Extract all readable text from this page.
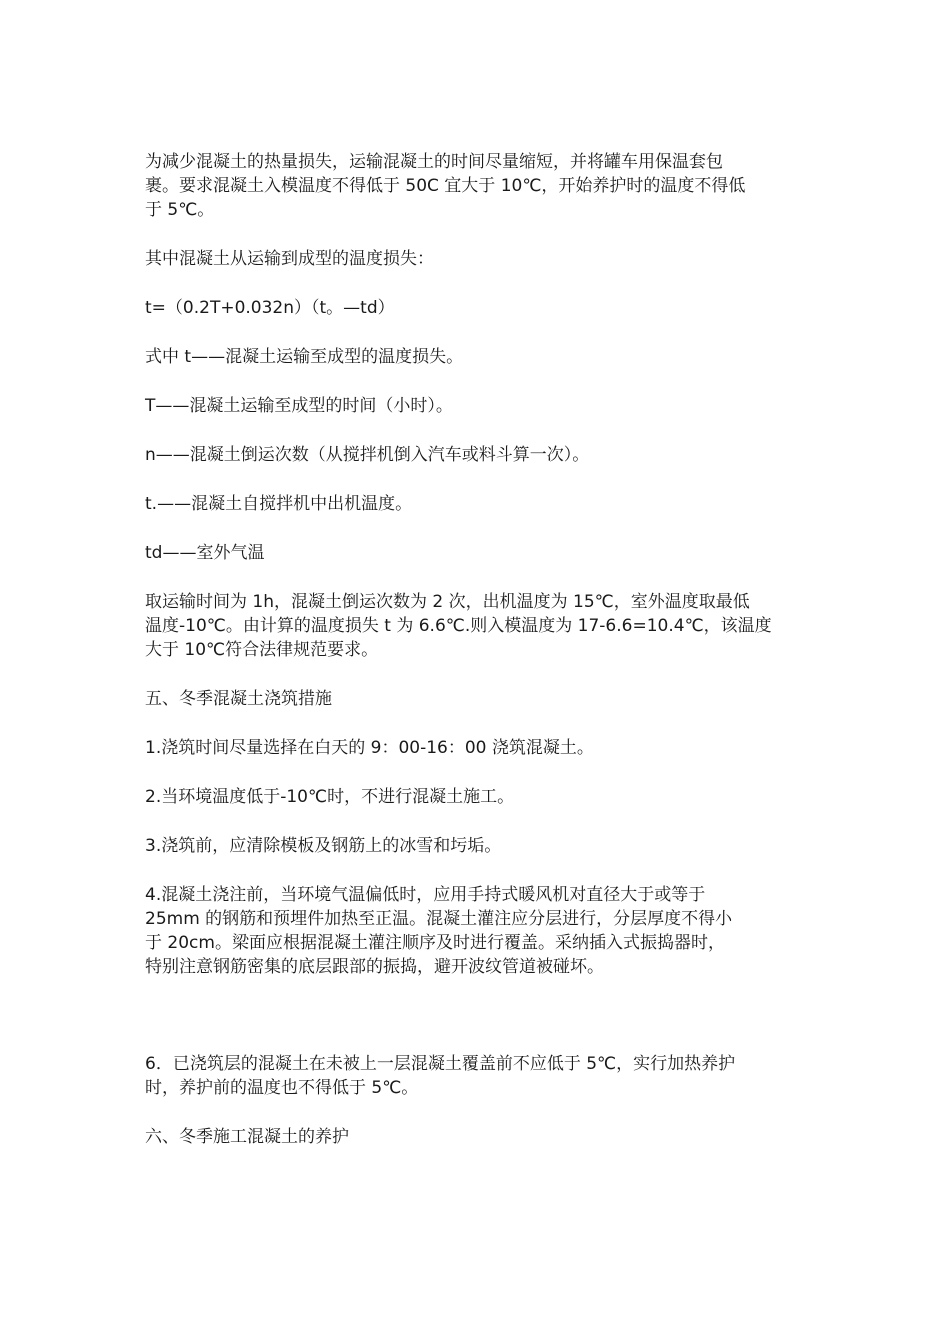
为减少混凝土的热量损失，运输混凝土的时间尽量缩短，并将罐车用保温套包
裹。要求混凝土入模温度不得低于 50C 宜大于 10℃，开始养护时的温度不得低
于 5℃。

其中混凝土从运输到成型的温度损失：

t=（0.2T+0.032n）（t。—td）

式中 t——混凝土运输至成型的温度损失。

T——混凝土运输至成型的时间（小时）。

n——混凝土倒运次数（从搅拌机倒入汽车或料斗算一次）。

t.——混凝土自搅拌机中出机温度。

td——室外气温

取运输时间为 1h，混凝土倒运次数为 2 次，出机温度为 15℃，室外温度取最低
温度-10℃。由计算的温度损失 t 为 6.6℃.则入模温度为 17-6.6=10.4℃，该温度
大于 10℃符合法律规范要求。

五、冬季混凝土浇筑措施

1.浇筑时间尽量选择在白天的 9：00-16：00 浇筑混凝土。

2.当环境温度低于-10℃时，不进行混凝土施工。

3.浇筑前，应清除模板及钢筋上的冰雪和圬垢。

4.混凝土浇注前，当环境气温偏低时，应用手持式暖风机对直径大于或等于
25mm 的钢筋和预埋件加热至正温。混凝土灌注应分层进行，分层厚度不得小
于 20cm。梁面应根据混凝土灌注顺序及时进行覆盖。采纳插入式振捣器时，
特别注意钢筋密集的底层跟部的振捣，避开波纹管道被碰坏。

6．已浇筑层的混凝土在未被上一层混凝土覆盖前不应低于 5℃，实行加热养护
时，养护前的温度也不得低于 5℃。

六、冬季施工混凝土的养护
